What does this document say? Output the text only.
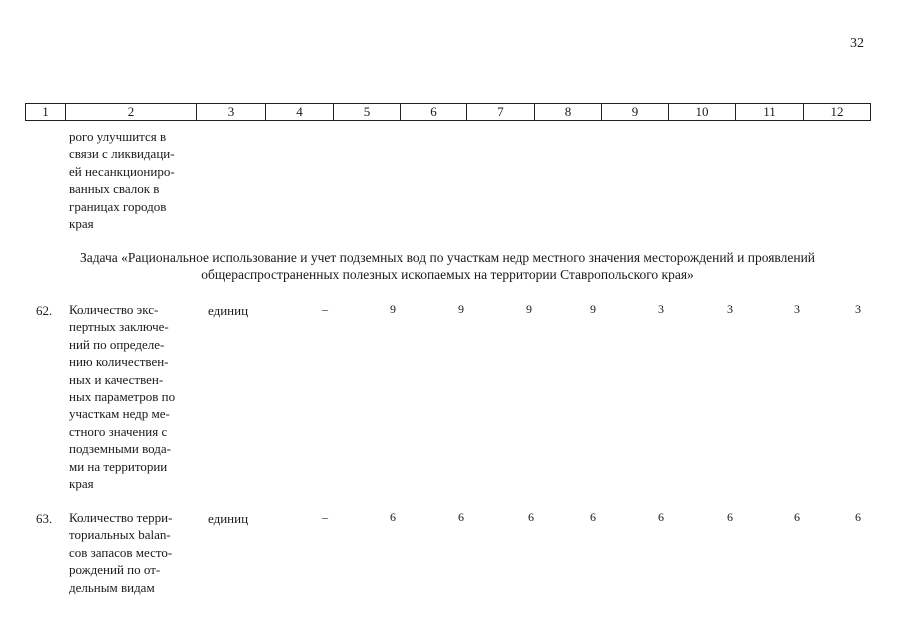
32
1	2	3	4	5	6	7	8	9	10	11	12
рого улучшится в
связи с ликвидаци-
ей несанкциониро-
ванных свалок в
границах городов
края
Задача «Рациональное использование и учет подземных вод по участкам недр местного значения месторождений и проявлений общераспространенных полезных ископаемых на территории Ставропольского края»
62. Количество экс-
пертных заключе-
ний по определе-
нию количествен-
ных и качествен-
ных параметров по
участкам недр ме-
стного значения с
подземными вода-
ми на территории
края
единиц	–	9	9	9	9	3	3	3	3
63. Количество терри-
ториальных balan-
сов запасов место-
рождений по от-
дельным видам
единиц	–	6	6	6	6	6	6	6	6
